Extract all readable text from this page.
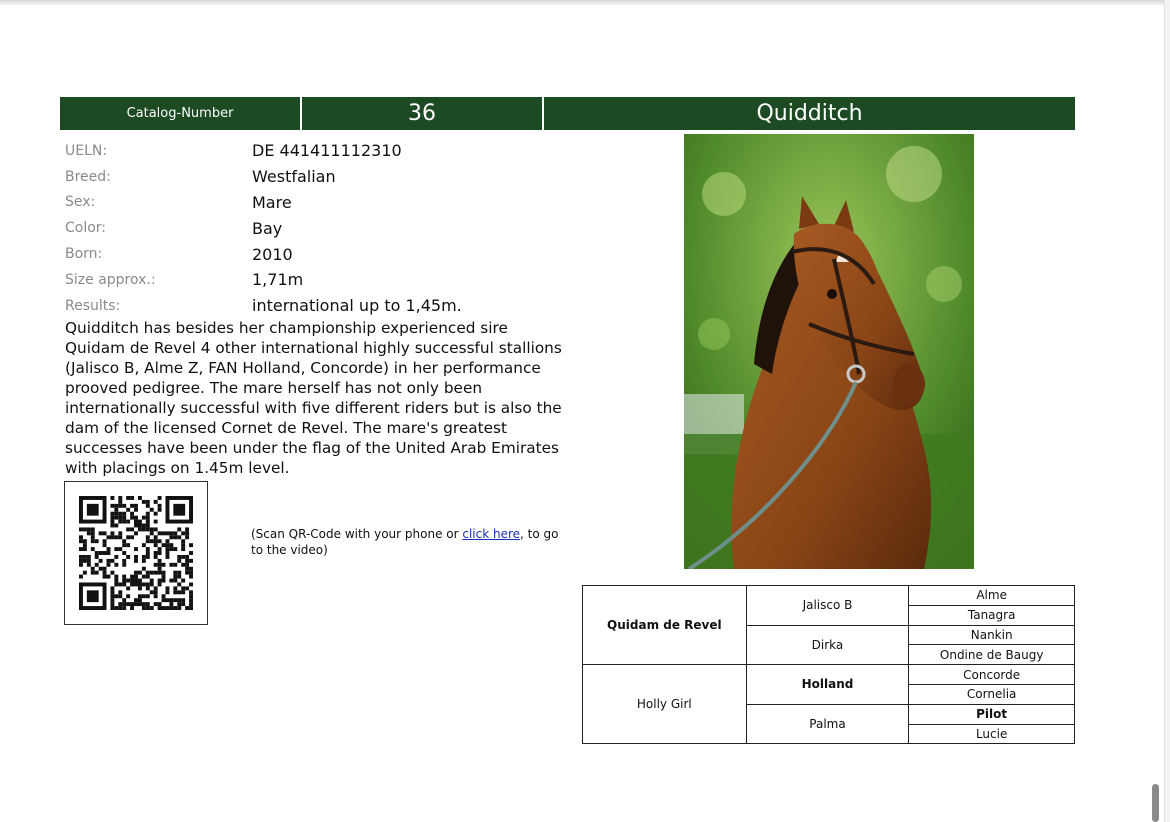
Catalog-Number	36	Quidditch
UELN:	DE 441411112310
Breed:	Westfalian
Sex:	Mare
Color:	Bay
Born:	2010
Size approx.:	1,71m
Results:	international up to 1,45m.

Quidditch has besides her championship experienced sire Quidam de Revel 4 other international highly successful stallions (Jalisco B, Alme Z, FAN Holland, Concorde) in her performance prooved pedigree. The mare herself has not only been internationally successful with five different riders but is also the dam of the licensed Cornet de Revel. The mare's greatest successes have been under the flag of the United Arab Emirates with placings on 1.45m level.

(Scan QR-Code with your phone or click here, to go to the video)

Quidam de Revel	Jalisco B	Alme
		Tanagra
	Dirka	Nankin
		Ondine de Baugy
Holly Girl	Holland	Concorde
		Cornelia
	Palma	Pilot
		Lucie
